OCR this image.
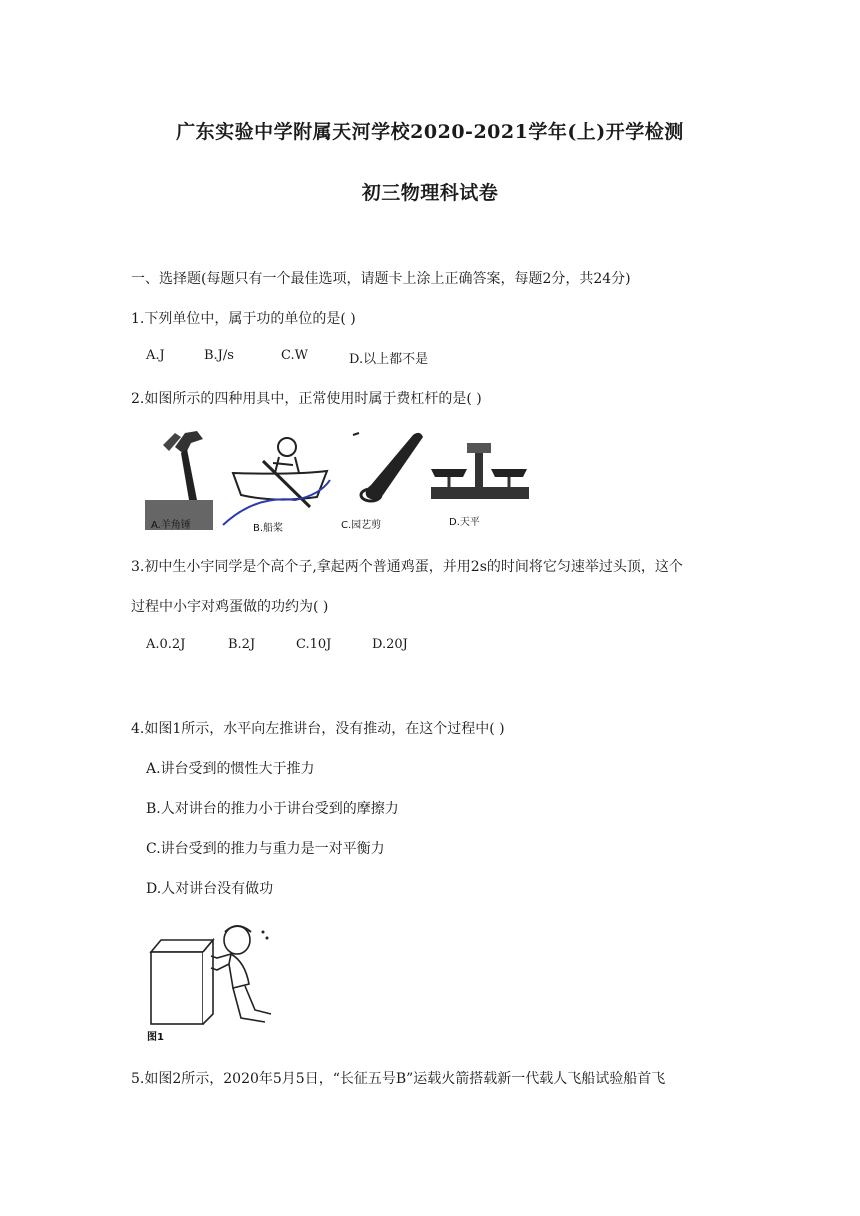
广东实验中学附属天河学校2020-2021学年(上)开学检测
初三物理科试卷
一、选择题(每题只有一个最佳选项，请题卡上涂上正确答案，每题2分，共24分)
1.下列单位中，属于功的单位的是( )
A.J	B.J/s	C.W	D.以上都不是
2.如图所示的四种用具中，正常使用时属于费杠杆的是( )
A.羊角锤	B.船桨	C.园艺剪	D.天平
3.初中生小宇同学是个高个子,拿起两个普通鸡蛋，并用2s的时间将它匀速举过头顶，这个
过程中小宇对鸡蛋做的功约为( )
A.0.2J	B.2J	C.10J	D.20J
4.如图1所示，水平向左推讲台，没有推动，在这个过程中( )
A.讲台受到的惯性大于推力
B.人对讲台的推力小于讲台受到的摩擦力
C.讲台受到的推力与重力是一对平衡力
D.人对讲台没有做功
图1
5.如图2所示，2020年5月5日，“长征五号B”运载火箭搭载新一代载人飞船试验船首飞
